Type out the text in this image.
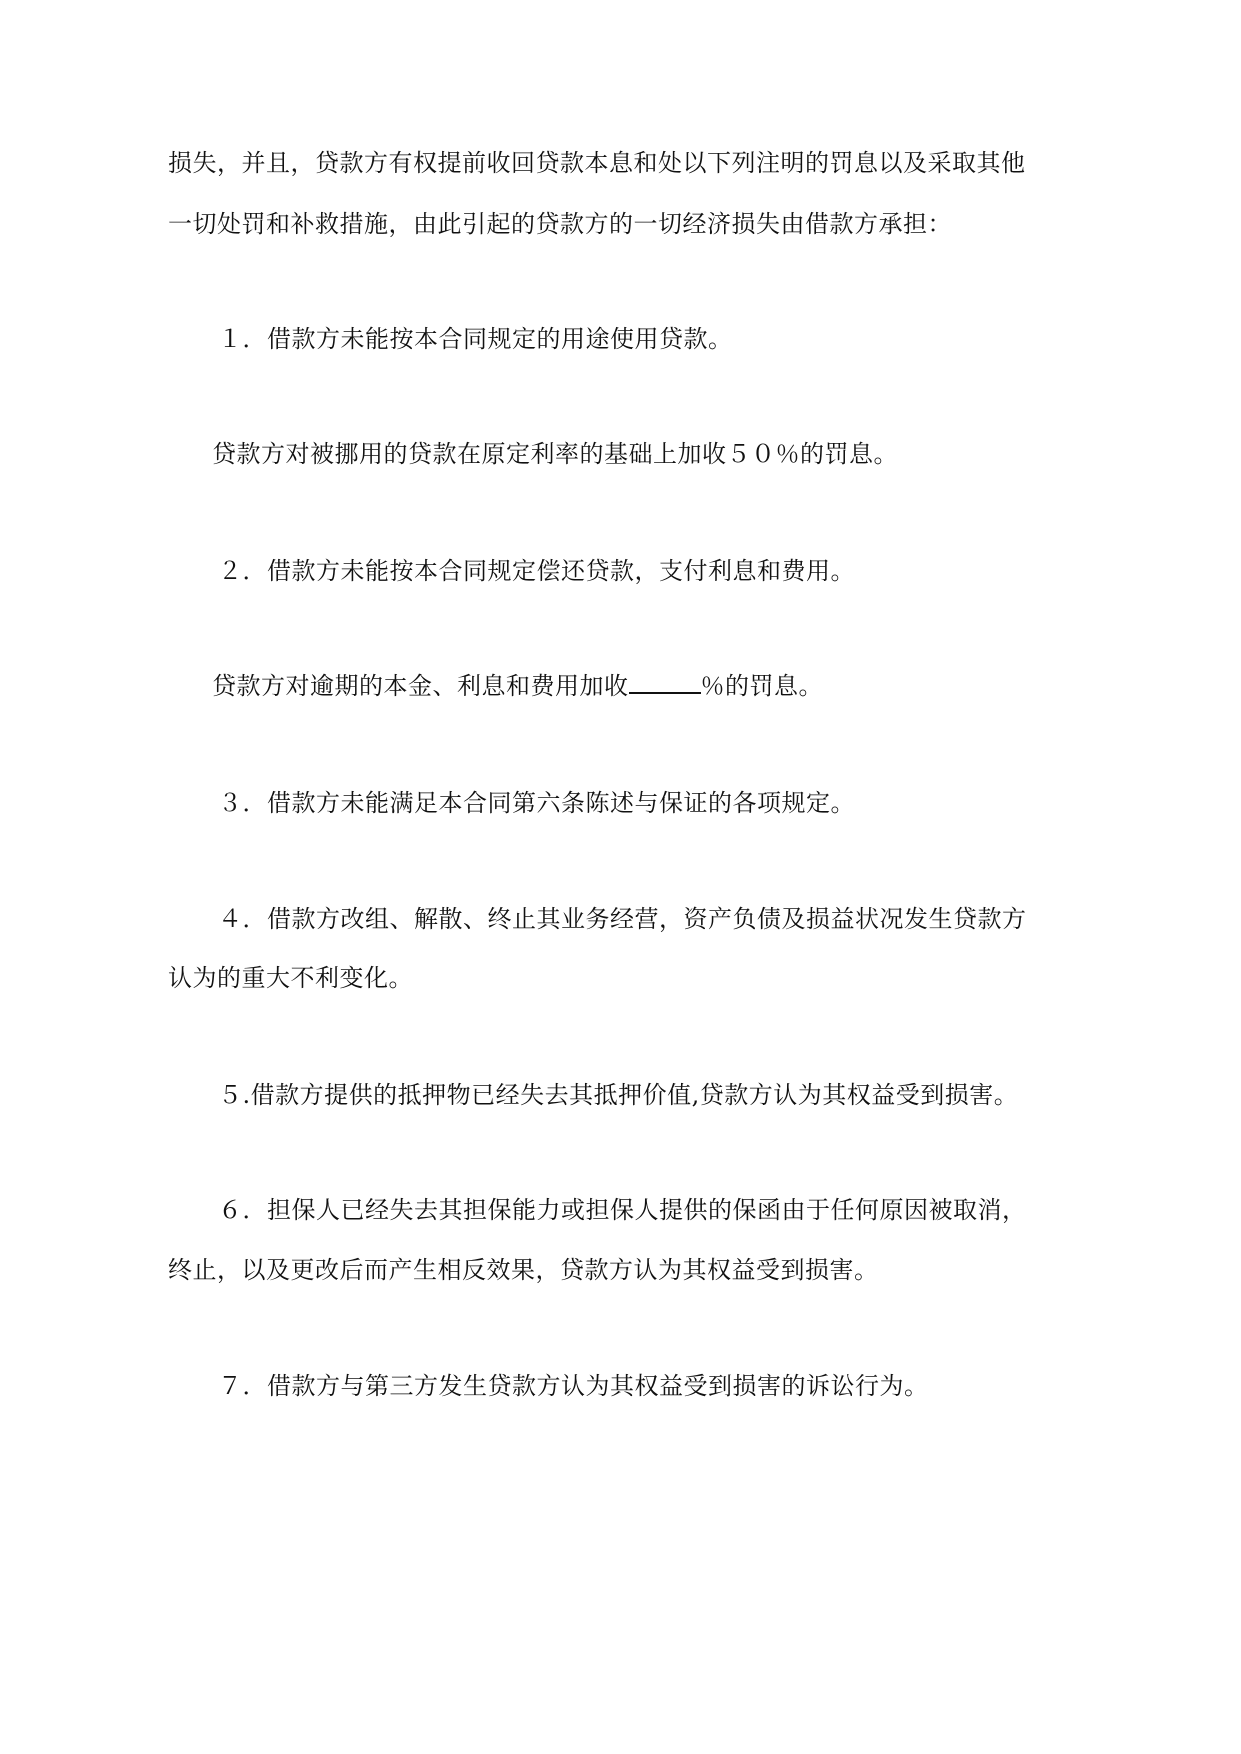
损失，并且，贷款方有权提前收回贷款本息和处以下列注明的罚息以及采取其他
一切处罚和补救措施，由此引起的贷款方的一切经济损失由借款方承担：
１．借款方未能按本合同规定的用途使用贷款。
贷款方对被挪用的贷款在原定利率的基础上加收５０％的罚息。
２．借款方未能按本合同规定偿还贷款，支付利息和费用。
贷款方对逾期的本金、利息和费用加收	％的罚息。
３．借款方未能满足本合同第六条陈述与保证的各项规定。
４．借款方改组、解散、终止其业务经营，资产负债及损益状况发生贷款方
认为的重大不利变化。
５.借款方提供的抵押物已经失去其抵押价值,贷款方认为其权益受到损害。
６．担保人已经失去其担保能力或担保人提供的保函由于任何原因被取消，
终止，以及更改后而产生相反效果，贷款方认为其权益受到损害。
７．借款方与第三方发生贷款方认为其权益受到损害的诉讼行为。
